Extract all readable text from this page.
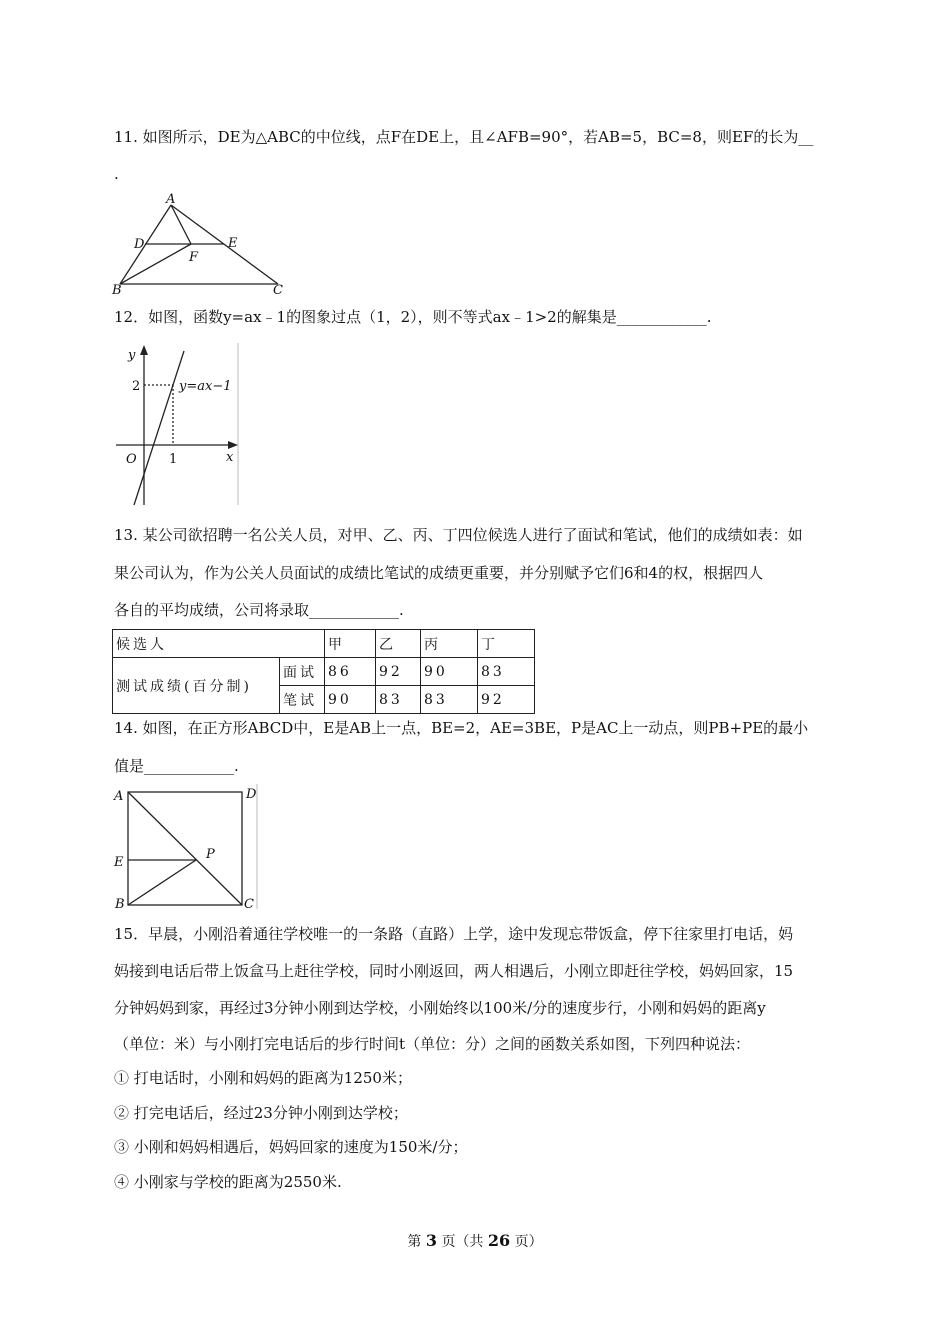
11. 如图所示，DE为△ABC的中位线，点F在DE上，且∠AFB=90°，若AB=5，BC=8，则EF的长为__
.
A
D	E
F
B	C
12．如图，函数y=ax﹣1的图象过点（1，2），则不等式ax﹣1>2的解集是____________.
y
x
O
2
1
y=ax−1
13. 某公司欲招聘一名公关人员，对甲、乙、丙、丁四位候选人进行了面试和笔试，他们的成绩如表：如
果公司认为，作为公关人员面试的成绩比笔试的成绩更重要，并分别赋予它们6和4的权，根据四人
各自的平均成绩，公司将录取____________.
候选人		甲	乙	丙	丁
测试成绩(百分制)	面试	86	92	90	83
	笔试	90	83	83	92
14. 如图，在正方形ABCD中，E是AB上一点，BE=2，AE=3BE，P是AC上一动点，则PB+PE的最小
值是____________.
A	D
E
P
B	C
15．早晨，小刚沿着通往学校唯一的一条路（直路）上学，途中发现忘带饭盒，停下往家里打电话，妈
妈接到电话后带上饭盒马上赶往学校，同时小刚返回，两人相遇后，小刚立即赶往学校，妈妈回家，15
分钟妈妈到家，再经过3分钟小刚到达学校，小刚始终以100米/分的速度步行，小刚和妈妈的距离y
（单位：米）与小刚打完电话后的步行时间t（单位：分）之间的函数关系如图，下列四种说法：
① 打电话时，小刚和妈妈的距离为1250米；
② 打完电话后，经过23分钟小刚到达学校；
③ 小刚和妈妈相遇后，妈妈回家的速度为150米/分；
④ 小刚家与学校的距离为2550米.
第 3 页（共 26 页）
